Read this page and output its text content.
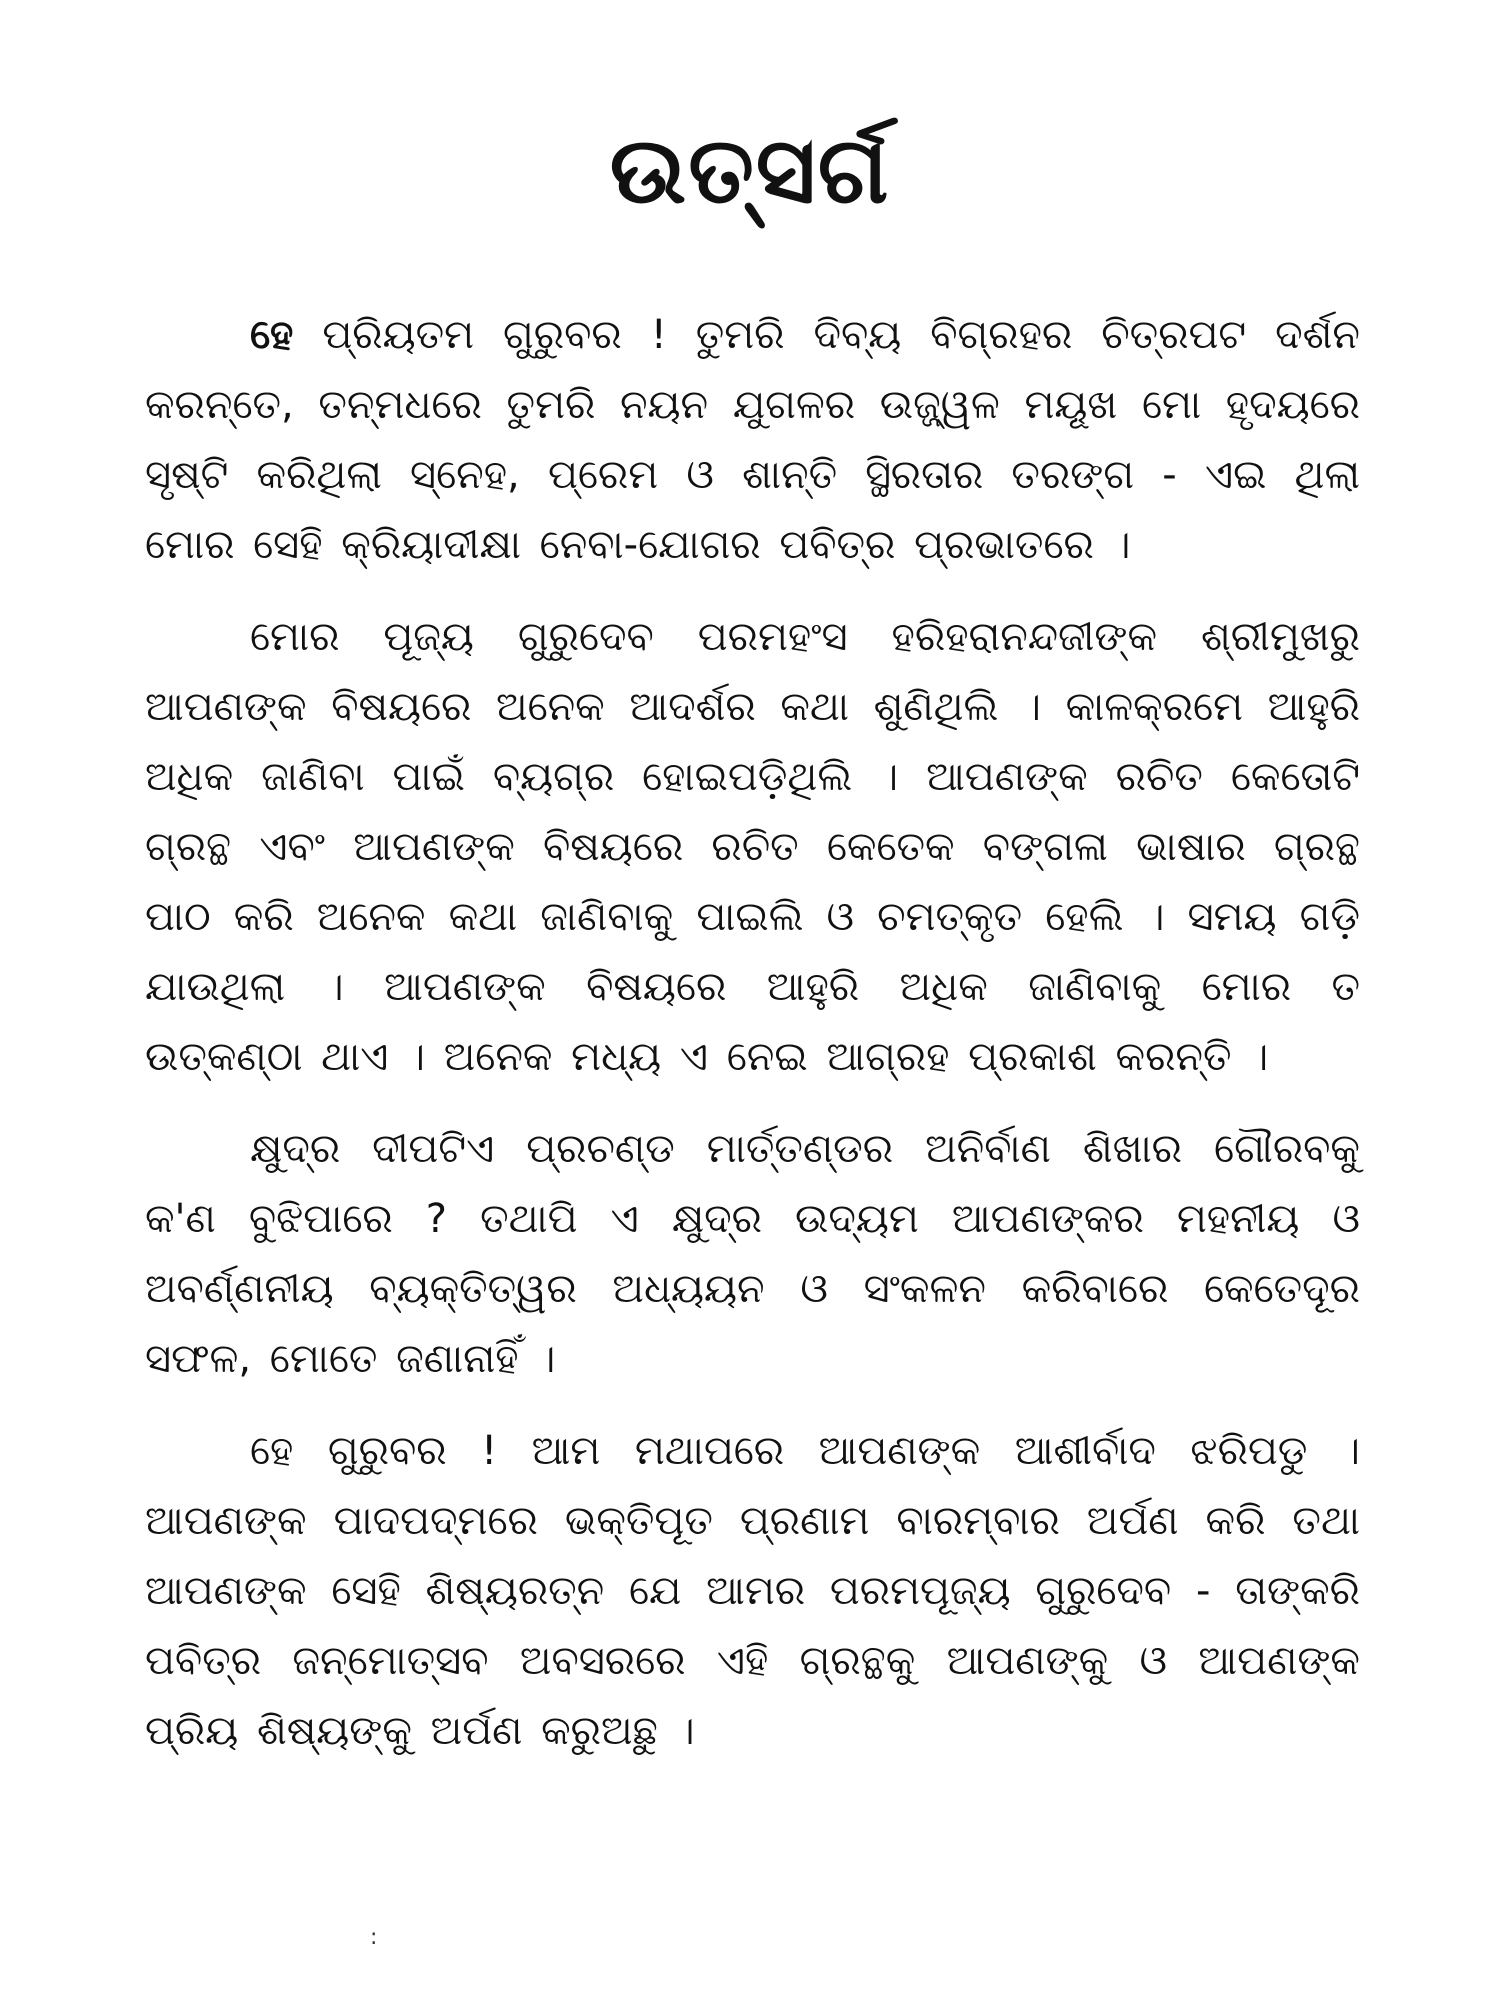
ଉତ୍ସର୍ଗ

ହେ ପ୍ରିୟତମ ଗୁରୁବର ! ତୁମରି ଦିବ୍ୟ ବିଗ୍ରହର ଚିତ୍ରପଟ ଦର୍ଶନ କରନ୍ତେ, ତନ୍ମଧରେ ତୁମରି ନୟନ ଯୁଗଳର ଉଜ୍ଜ୍ୱଳ ମୟୂଖ ମୋ ହୃଦୟରେ ସୃଷ୍ଟି କରିଥିଲା ସ୍ନେହ, ପ୍ରେମ ଓ ଶାନ୍ତି ସ୍ଥିରତାର ତରଙ୍ଗ - ଏଇ ଥିଲା ମୋର ସେହି କ୍ରିୟାଦୀକ୍ଷା ନେବା-ଯୋଗର ପବିତ୍ର ପ୍ରଭାତରେ ।

ମୋର ପୂଜ୍ୟ ଗୁରୁଦେବ ପରମହଂସ ହରିହରାନନ୍ଦଜୀଙ୍କ ଶ୍ରୀମୁଖରୁ ଆପଣଙ୍କ ବିଷୟରେ ଅନେକ ଆଦର୍ଶର କଥା ଶୁଣିଥିଲି । କାଳକ୍ରମେ ଆହୁରି ଅଧିକ ଜାଣିବା ପାଇଁ ବ୍ୟଗ୍ର ହୋଇପଡ଼ିଥିଲି । ଆପଣଙ୍କ ରଚିତ କେତୋଟି ଗ୍ରନ୍ଥ ଏବଂ ଆପଣଙ୍କ ବିଷୟରେ ରଚିତ କେତେକ ବଙ୍ଗଳା ଭାଷାର ଗ୍ରନ୍ଥ ପାଠ କରି ଅନେକ କଥା ଜାଣିବାକୁ ପାଇଲି ଓ ଚମତ୍କୃତ ହେଲି । ସମୟ ଗଡ଼ି ଯାଉଥିଲା । ଆପଣଙ୍କ ବିଷୟରେ ଆହୁରି ଅଧିକ ଜାଣିବାକୁ ମୋର ତ ଉତ୍କଣ୍ଠା ଥାଏ । ଅନେକ ମଧ୍ୟ ଏ ନେଇ ଆଗ୍ରହ ପ୍ରକାଶ କରନ୍ତି ।

କ୍ଷୁଦ୍ର ଦୀପଟିଏ ପ୍ରଚଣ୍ଡ ମାର୍ତ୍ତଣ୍ଡର ଅନିର୍ବାଣ ଶିଖାର ଗୌରବକୁ କ'ଣ ବୁଝିପାରେ ? ତଥାପି ଏ କ୍ଷୁଦ୍ର ଉଦ୍ୟମ ଆପଣଙ୍କର ମହନୀୟ ଓ ଅବର୍ଣ୍ଣନୀୟ ବ୍ୟକ୍ତିତ୍ୱର ଅଧ୍ୟୟନ ଓ ସଂକଳନ କରିବାରେ କେତେଦୂର ସଫଳ, ମୋତେ ଜଣାନାହିଁ ।

ହେ ଗୁରୁବର ! ଆମ ମଥାପରେ ଆପଣଙ୍କ ଆଶୀର୍ବାଦ ଝରିପଡୁ । ଆପଣଙ୍କ ପାଦପଦ୍ମରେ ଭକ୍ତିପୂତ ପ୍ରଣାମ ବାରମ୍ବାର ଅର୍ପଣ କରି ତଥା ଆପଣଙ୍କ ସେହି ଶିଷ୍ୟରତ୍ନ ଯେ ଆମର ପରମପୂଜ୍ୟ ଗୁରୁଦେବ - ତାଙ୍କରି ପବିତ୍ର ଜନ୍ମୋତ୍ସବ ଅବସରରେ ଏହି ଗ୍ରନ୍ଥକୁ ଆପଣଙ୍କୁ ଓ ଆପଣଙ୍କ ପ୍ରିୟ ଶିଷ୍ୟଙ୍କୁ ଅର୍ପଣ କରୁଅଛୁ ।

꞉
